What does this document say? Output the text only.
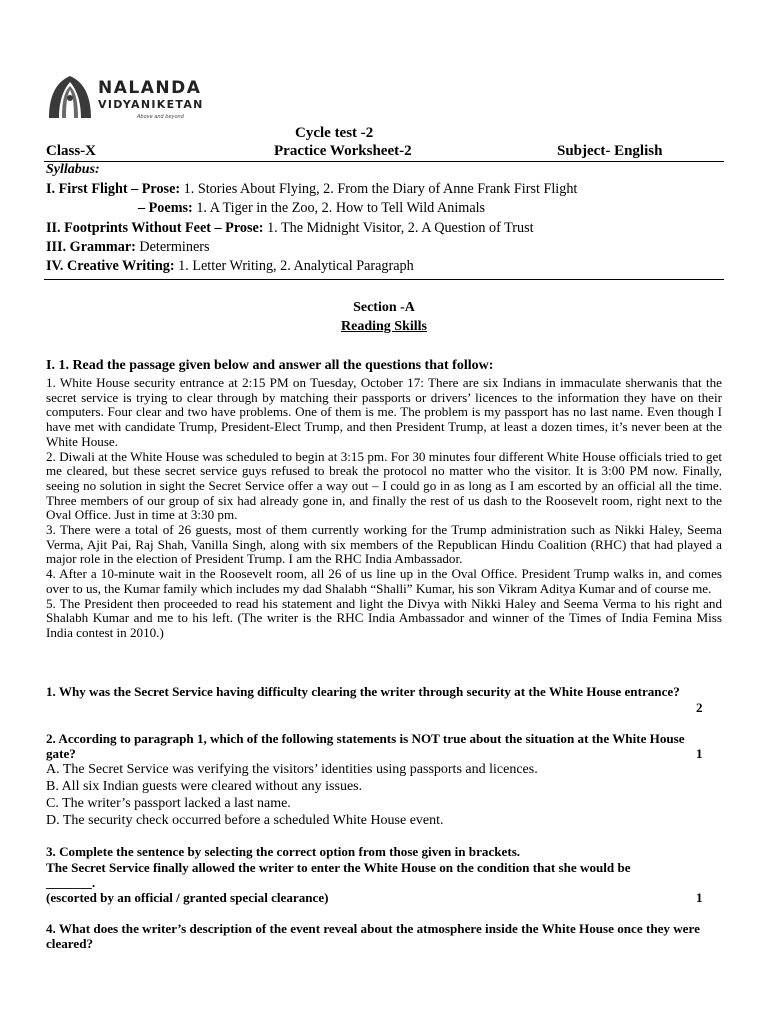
NALANDA
VIDYANIKETAN
Above and beyond
Cycle test -2
Class-X	Practice Worksheet-2	Subject- English
Syllabus:
I. First Flight – Prose: 1. Stories About Flying, 2. From the Diary of Anne Frank First Flight
– Poems: 1. A Tiger in the Zoo, 2. How to Tell Wild Animals
II. Footprints Without Feet – Prose: 1. The Midnight Visitor, 2. A Question of Trust
III. Grammar: Determiners
IV. Creative Writing: 1. Letter Writing, 2. Analytical Paragraph
Section -A
Reading Skills
I. 1. Read the passage given below and answer all the questions that follow:

1. White House security entrance at 2:15 PM on Tuesday, October 17: There are six Indians in immaculate sherwanis that the secret service is trying to clear through by matching their passports or drivers’ licences to the information they have on their computers. Four clear and two have problems. One of them is me. The problem is my passport has no last name. Even though I have met with candidate Trump, President-Elect Trump, and then President Trump, at least a dozen times, it’s never been at the White House.

2. Diwali at the White House was scheduled to begin at 3:15 pm. For 30 minutes four different White House officials tried to get me cleared, but these secret service guys refused to break the protocol no matter who the visitor. It is 3:00 PM now. Finally, seeing no solution in sight the Secret Service offer a way out – I could go in as long as I am escorted by an official all the time. Three members of our group of six had already gone in, and finally the rest of us dash to the Roosevelt room, right next to the Oval Office. Just in time at 3:30 pm.

3. There were a total of 26 guests, most of them currently working for the Trump administration such as Nikki Haley, Seema Verma, Ajit Pai, Raj Shah, Vanilla Singh, along with six members of the Republican Hindu Coalition (RHC) that had played a major role in the election of President Trump. I am the RHC India Ambassador.

4. After a 10-minute wait in the Roosevelt room, all 26 of us line up in the Oval Office. President Trump walks in, and comes over to us, the Kumar family which includes my dad Shalabh “Shalli” Kumar, his son Vikram Aditya Kumar and of course me.

5. The President then proceeded to read his statement and light the Divya with Nikki Haley and Seema Verma to his right and Shalabh Kumar and me to his left. (The writer is the RHC India Ambassador and winner of the Times of India Femina Miss India contest in 2010.)

1. Why was the Secret Service having difficulty clearing the writer through security at the White House entrance?
2
2. According to paragraph 1, which of the following statements is NOT true about the situation at the White House gate?	1
A. The Secret Service was verifying the visitors’ identities using passports and licences.
B. All six Indian guests were cleared without any issues.
C. The writer’s passport lacked a last name.
D. The security check occurred before a scheduled White House event.
3. Complete the sentence by selecting the correct option from those given in brackets.
The Secret Service finally allowed the writer to enter the White House on the condition that she would be
_______.
(escorted by an official / granted special clearance)	1
4. What does the writer’s description of the event reveal about the atmosphere inside the White House once they were cleared?
